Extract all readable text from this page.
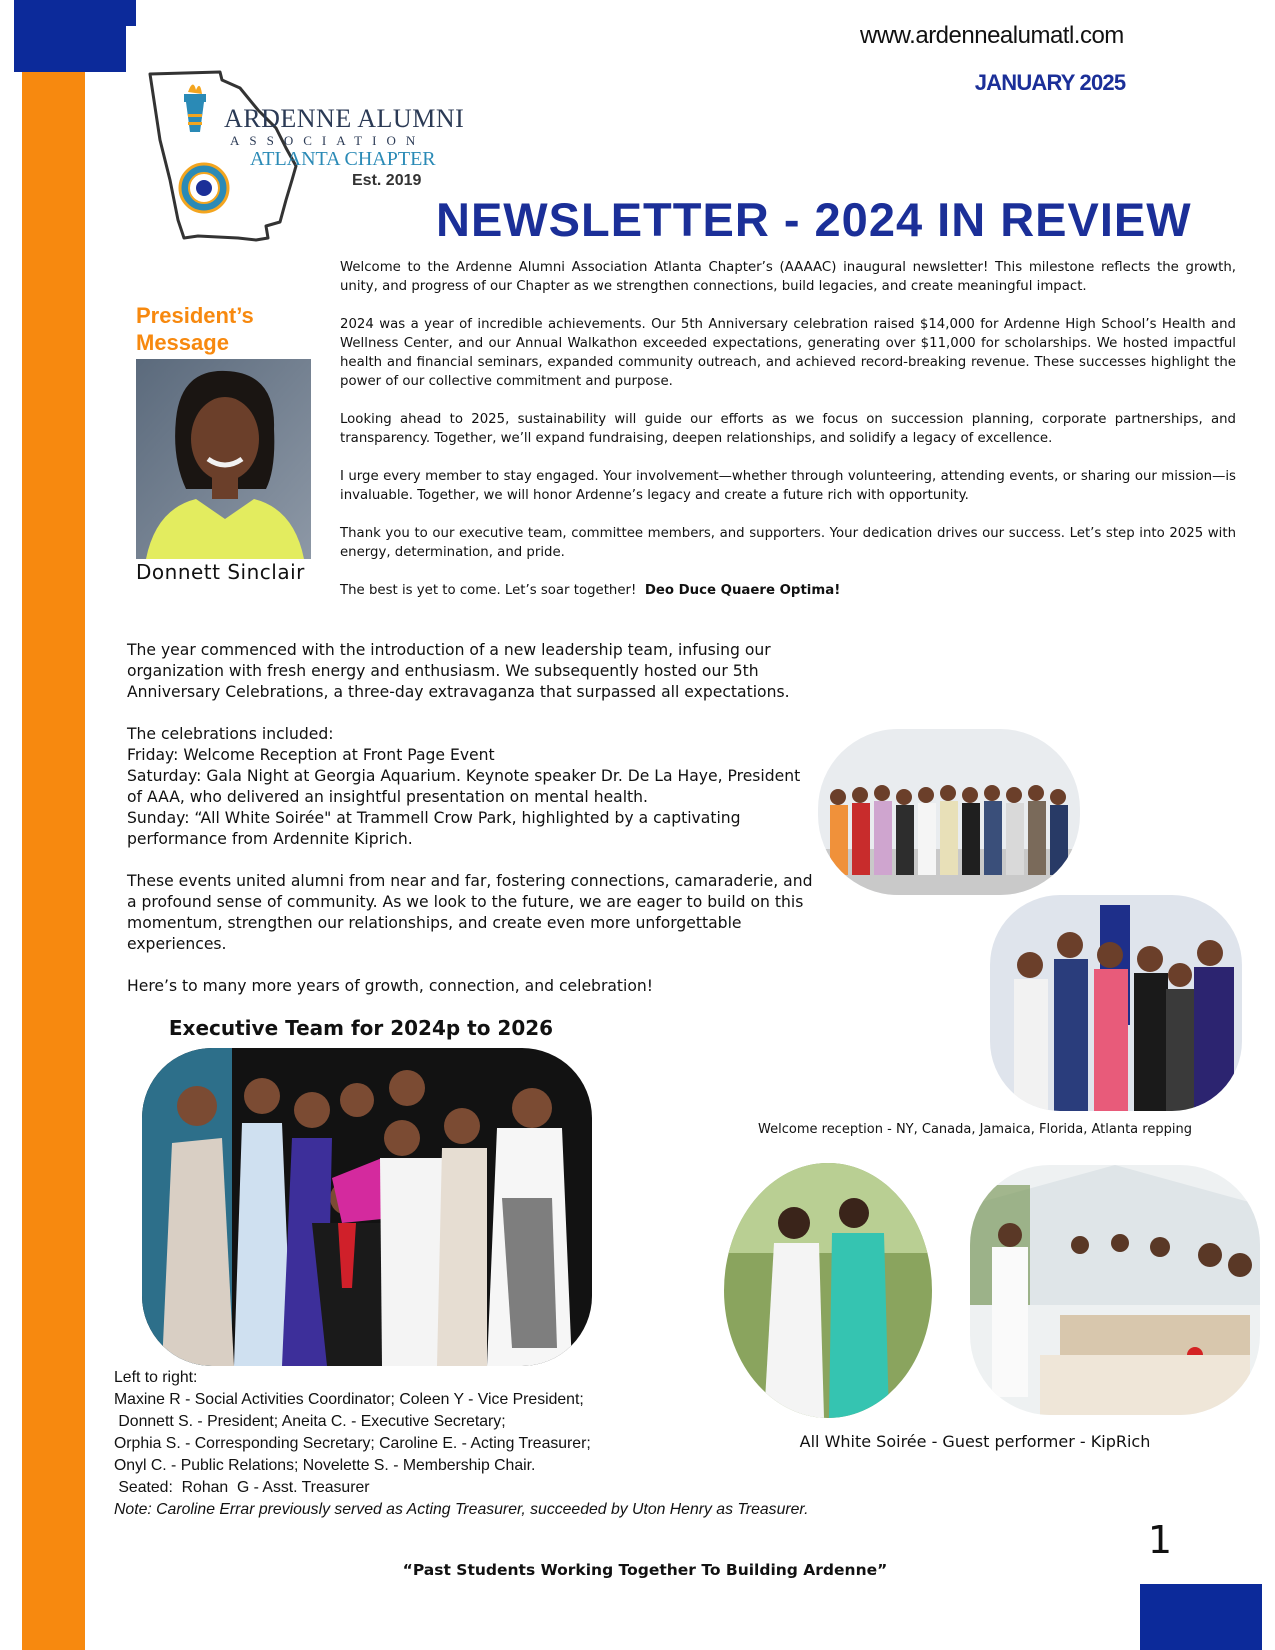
www.ardennealumatl.com
JANUARY 2025
ARDENNE ALUMNI
ASSOCIATION
ATLANTA CHAPTER
Est. 2019
NEWSLETTER - 2024 IN REVIEW
President’s
Message
Donnett Sinclair

Welcome to the Ardenne Alumni Association Atlanta Chapter’s (AAAAC) inaugural newsletter! This milestone reflects the growth, unity, and progress of our Chapter as we strengthen connections, build legacies, and create meaningful impact.

2024 was a year of incredible achievements. Our 5th Anniversary celebration raised $14,000 for Ardenne High School’s Health and Wellness Center, and our Annual Walkathon exceeded expectations, generating over $11,000 for scholarships. We hosted impactful health and financial seminars, expanded community outreach, and achieved record-breaking revenue. These successes highlight the power of our collective commitment and purpose.

Looking ahead to 2025, sustainability will guide our efforts as we focus on succession planning, corporate partnerships, and transparency. Together, we’ll expand fundraising, deepen relationships, and solidify a legacy of excellence.

I urge every member to stay engaged. Your involvement—whether through volunteering, attending events, or sharing our mission—is invaluable. Together, we will honor Ardenne’s legacy and create a future rich with opportunity.

Thank you to our executive team, committee members, and supporters. Your dedication drives our success. Let’s step into 2025 with energy, determination, and pride.

The best is yet to come. Let’s soar together! Deo Duce Quaere Optima!

The year commenced with the introduction of a new leadership team, infusing our organization with fresh energy and enthusiasm. We subsequently hosted our 5th Anniversary Celebrations, a three-day extravaganza that surpassed all expectations.

The celebrations included:
Friday: Welcome Reception at Front Page Event
Saturday: Gala Night at Georgia Aquarium. Keynote speaker Dr. De La Haye, President of AAA, who delivered an insightful presentation on mental health.
Sunday: “All White Soirée" at Trammell Crow Park, highlighted by a captivating performance from Ardennite Kiprich.

These events united alumni from near and far, fostering connections, camaraderie, and a profound sense of community. As we look to the future, we are eager to build on this momentum, strengthen our relationships, and create even more unforgettable experiences.

Here’s to many more years of growth, connection, and celebration!

Executive Team for 2024p to 2026
Left to right:
Maxine R - Social Activities Coordinator; Coleen Y - Vice President;
Donnett S. - President; Aneita C. - Executive Secretary;
Orphia S. - Corresponding Secretary; Caroline E. - Acting Treasurer;
Onyl C. - Public Relations; Novelette S. - Membership Chair.
Seated:  Rohan  G - Asst. Treasurer
Note: Caroline Errar previously served as Acting Treasurer, succeeded by Uton Henry as Treasurer.
Welcome reception - NY, Canada, Jamaica, Florida, Atlanta repping
All White Soirée - Guest performer - KipRich
1
“Past Students Working Together To Building Ardenne”
